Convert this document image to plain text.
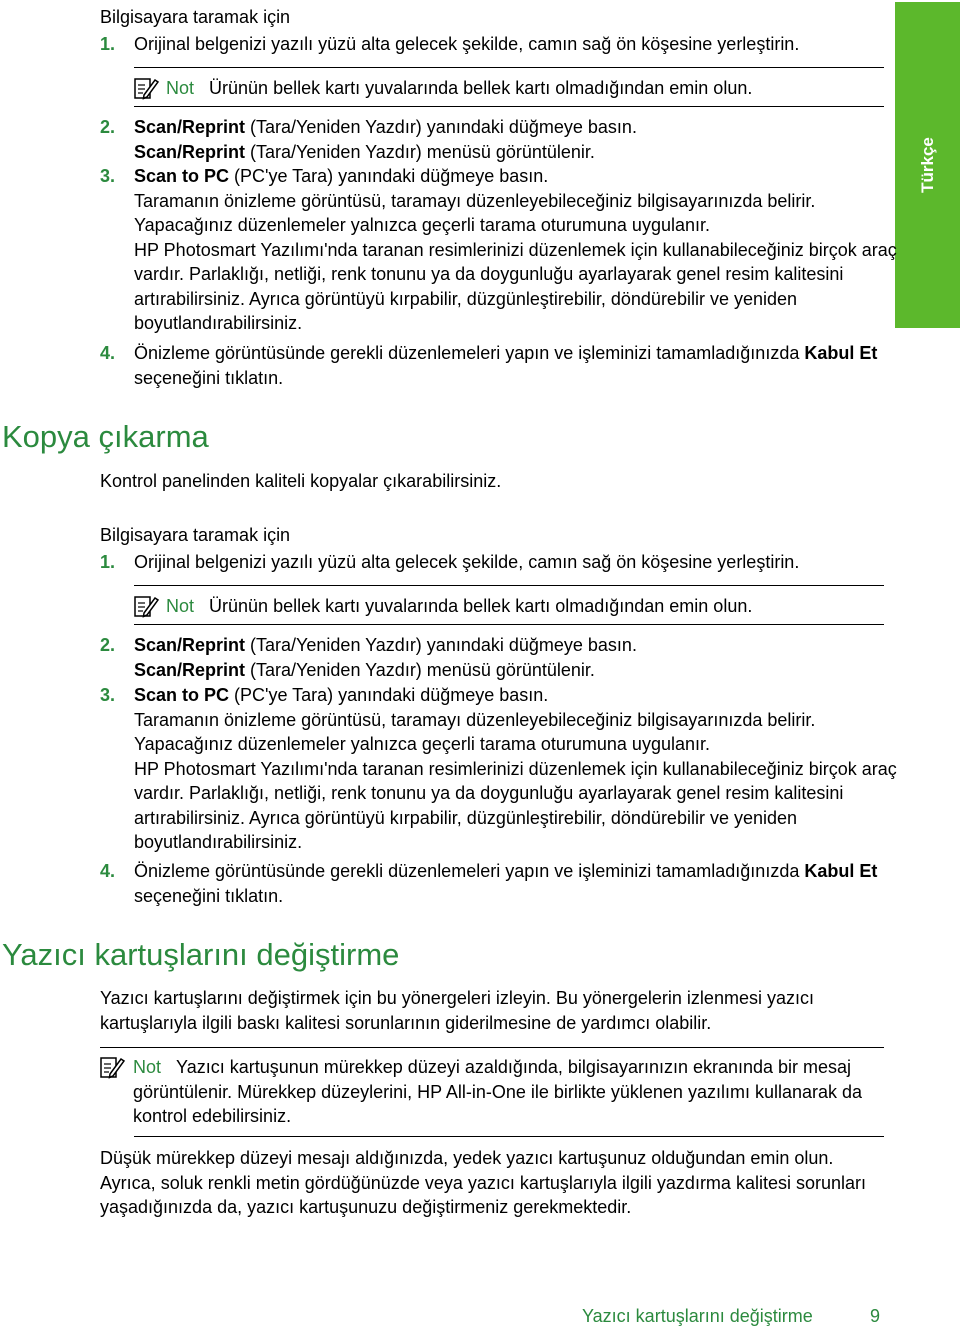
Türkçe
Bilgisayara taramak için
1. Orijinal belgenizi yazılı yüzü alta gelecek şekilde, camın sağ ön köşesine yerleştirin.
Not Ürünün bellek kartı yuvalarında bellek kartı olmadığından emin olun.
2. Scan/Reprint (Tara/Yeniden Yazdır) yanındaki düğmeye basın.

Scan/Reprint (Tara/Yeniden Yazdır) menüsü görüntülenir.

3. Scan to PC (PC'ye Tara) yanındaki düğmeye basın.

Taramanın önizleme görüntüsü, taramayı düzenleyebileceğiniz bilgisayarınızda belirir. Yapacağınız düzenlemeler yalnızca geçerli tarama oturumuna uygulanır.

HP Photosmart Yazılımı'nda taranan resimlerinizi düzenlemek için kullanabileceğiniz birçok araç vardır. Parlaklığı, netliği, renk tonunu ya da doygunluğu ayarlayarak genel resim kalitesini artırabilirsiniz. Ayrıca görüntüyü kırpabilir, düzgünleştirebilir, döndürebilir ve yeniden boyutlandırabilirsiniz.

4. Önizleme görüntüsünde gerekli düzenlemeleri yapın ve işleminizi tamamladığınızda Kabul Et seçeneğini tıklatın.
Kopya çıkarma

Kontrol panelinden kaliteli kopyalar çıkarabilirsiniz.

Bilgisayara taramak için
1. Orijinal belgenizi yazılı yüzü alta gelecek şekilde, camın sağ ön köşesine yerleştirin.
Not Ürünün bellek kartı yuvalarında bellek kartı olmadığından emin olun.
2. Scan/Reprint (Tara/Yeniden Yazdır) yanındaki düğmeye basın.

Scan/Reprint (Tara/Yeniden Yazdır) menüsü görüntülenir.

3. Scan to PC (PC'ye Tara) yanındaki düğmeye basın.

Taramanın önizleme görüntüsü, taramayı düzenleyebileceğiniz bilgisayarınızda belirir. Yapacağınız düzenlemeler yalnızca geçerli tarama oturumuna uygulanır.

HP Photosmart Yazılımı'nda taranan resimlerinizi düzenlemek için kullanabileceğiniz birçok araç vardır. Parlaklığı, netliği, renk tonunu ya da doygunluğu ayarlayarak genel resim kalitesini artırabilirsiniz. Ayrıca görüntüyü kırpabilir, düzgünleştirebilir, döndürebilir ve yeniden boyutlandırabilirsiniz.

4. Önizleme görüntüsünde gerekli düzenlemeleri yapın ve işleminizi tamamladığınızda Kabul Et seçeneğini tıklatın.
Yazıcı kartuşlarını değiştirme

Yazıcı kartuşlarını değiştirmek için bu yönergeleri izleyin. Bu yönergelerin izlenmesi yazıcı kartuşlarıyla ilgili baskı kalitesi sorunlarının giderilmesine de yardımcı olabilir.

Not Yazıcı kartuşunun mürekkep düzeyi azaldığında, bilgisayarınızın ekranında bir mesaj görüntülenir. Mürekkep düzeylerini, HP All-in-One ile birlikte yüklenen yazılımı kullanarak da kontrol edebilirsiniz.

Düşük mürekkep düzeyi mesajı aldığınızda, yedek yazıcı kartuşunuz olduğundan emin olun. Ayrıca, soluk renkli metin gördüğünüzde veya yazıcı kartuşlarıyla ilgili yazdırma kalitesi sorunları yaşadığınızda da, yazıcı kartuşunuzu değiştirmeniz gerekmektedir.

Yazıcı kartuşlarını değiştirme	9
